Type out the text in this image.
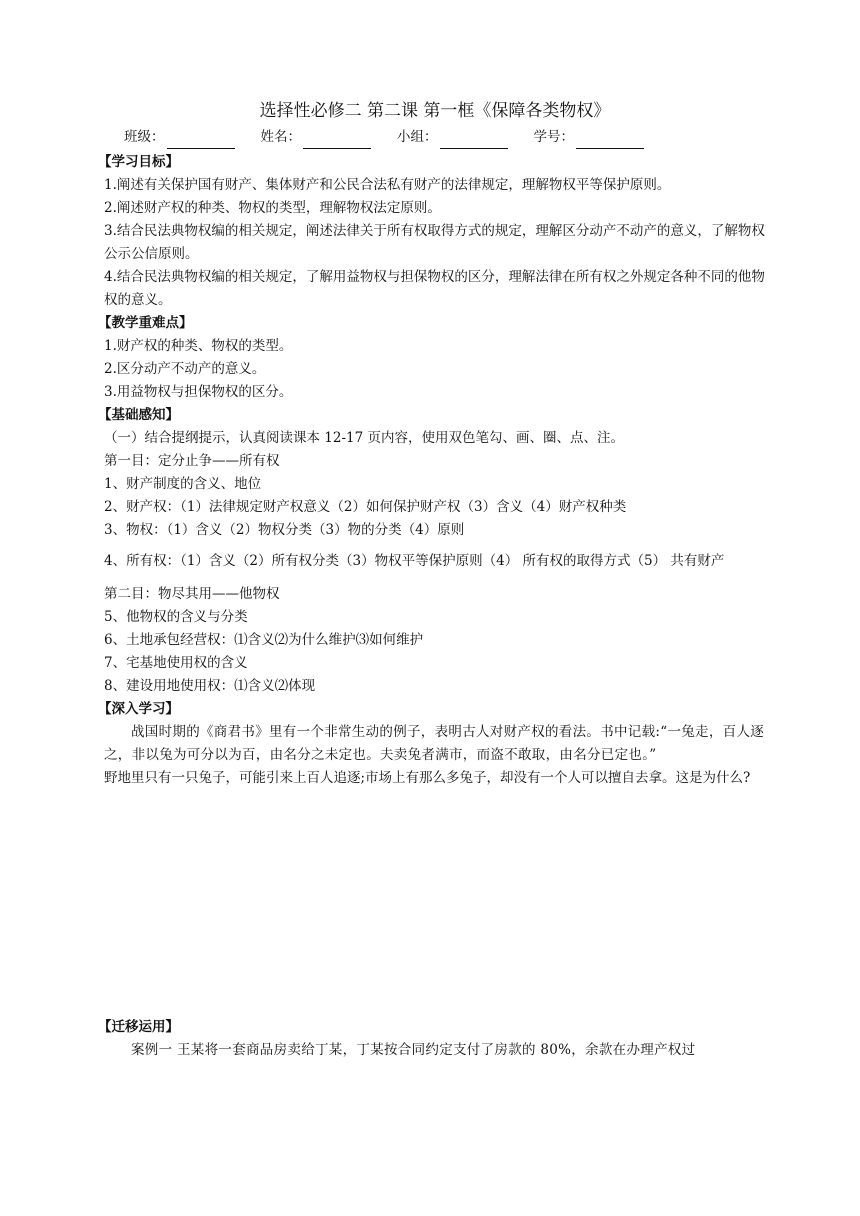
选择性必修二 第二课 第一框《保障各类物权》
班级：	姓名：	小组：	学号：
【学习目标】

1.阐述有关保护国有财产、集体财产和公民合法私有财产的法律规定，理解物权平等保护原则。

2.阐述财产权的种类、物权的类型，理解物权法定原则。

3.结合民法典物权编的相关规定，阐述法律关于所有权取得方式的规定，理解区分动产不动产的意义，了解物权公示公信原则。

4.结合民法典物权编的相关规定，了解用益物权与担保物权的区分，理解法律在所有权之外规定各种不同的他物权的意义。

【教学重难点】

1.财产权的种类、物权的类型。

2.区分动产不动产的意义。

3.用益物权与担保物权的区分。

【基础感知】

（一）结合提纲提示，认真阅读课本 12-17 页内容，使用双色笔勾、画、圈、点、注。

第一目：定分止争——所有权

1、财产制度的含义、地位

2、财产权：（1）法律规定财产权意义（2）如何保护财产权（3）含义（4）财产权种类

3、物权：（1）含义（2）物权分类（3）物的分类（4）原则

4、所有权：（1）含义（2）所有权分类（3）物权平等保护原则（4） 所有权的取得方式（5） 共有财产

第二目：物尽其用——他物权

5、他物权的含义与分类

6、土地承包经营权：⑴含义⑵为什么维护⑶如何维护

7、宅基地使用权的含义

8、建设用地使用权：⑴含义⑵体现

【深入学习】

战国时期的《商君书》里有一个非常生动的例子，表明古人对财产权的看法。书中记载:“一兔走，百人逐之，非以兔为可分以为百，由名分之未定也。夫卖兔者满市，而盗不敢取，由名分已定也。”

野地里只有一只兔子，可能引来上百人追逐;市场上有那么多兔子，却没有一个人可以擅自去拿。这是为什么?

【迁移运用】

案例一 王某将一套商品房卖给丁某，丁某按合同约定支付了房款的 80%，余款在办理产权过
